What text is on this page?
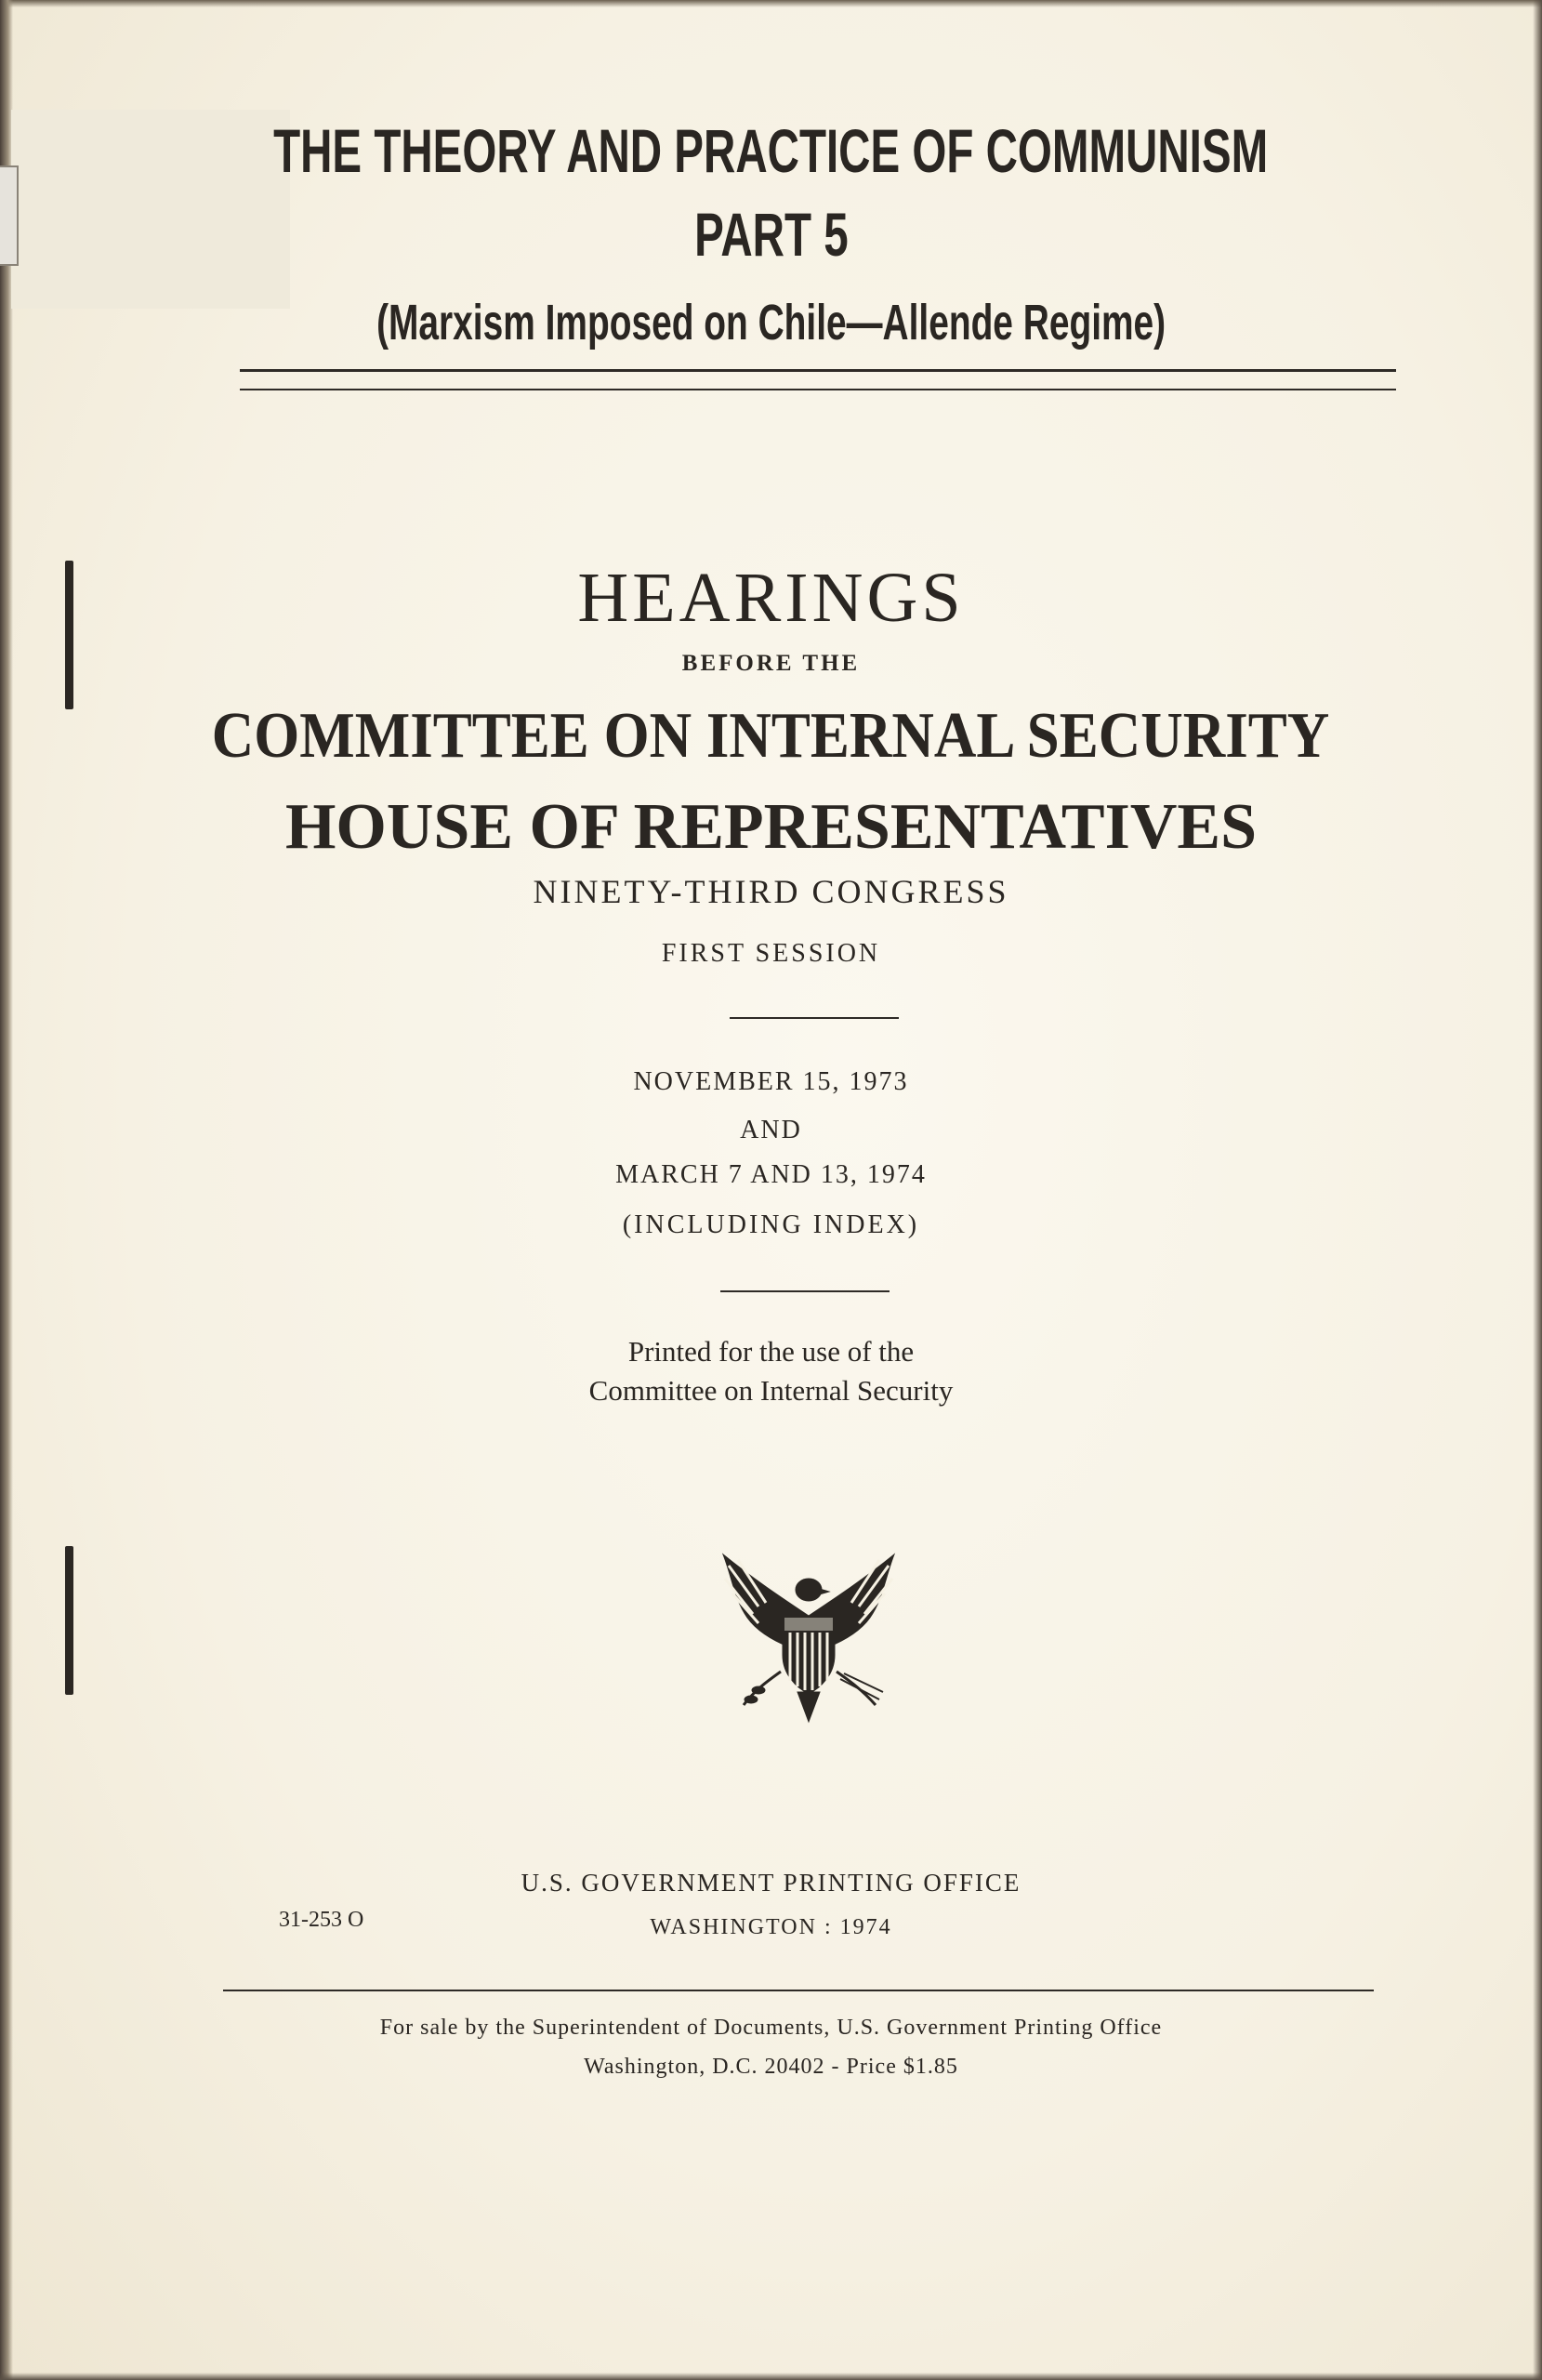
THE THEORY AND PRACTICE OF COMMUNISM
PART 5
(Marxism Imposed on Chile—Allende Regime)
HEARINGS
BEFORE THE
COMMITTEE ON INTERNAL SECURITY
HOUSE OF REPRESENTATIVES
NINETY-THIRD CONGRESS
FIRST SESSION
NOVEMBER 15, 1973
AND
MARCH 7 AND 13, 1974
(INCLUDING INDEX)
Printed for the use of the
Committee on Internal Security
U.S. GOVERNMENT PRINTING OFFICE
WASHINGTON : 1974
31-253 O
For sale by the Superintendent of Documents, U.S. Government Printing Office
Washington, D.C. 20402 - Price $1.85
